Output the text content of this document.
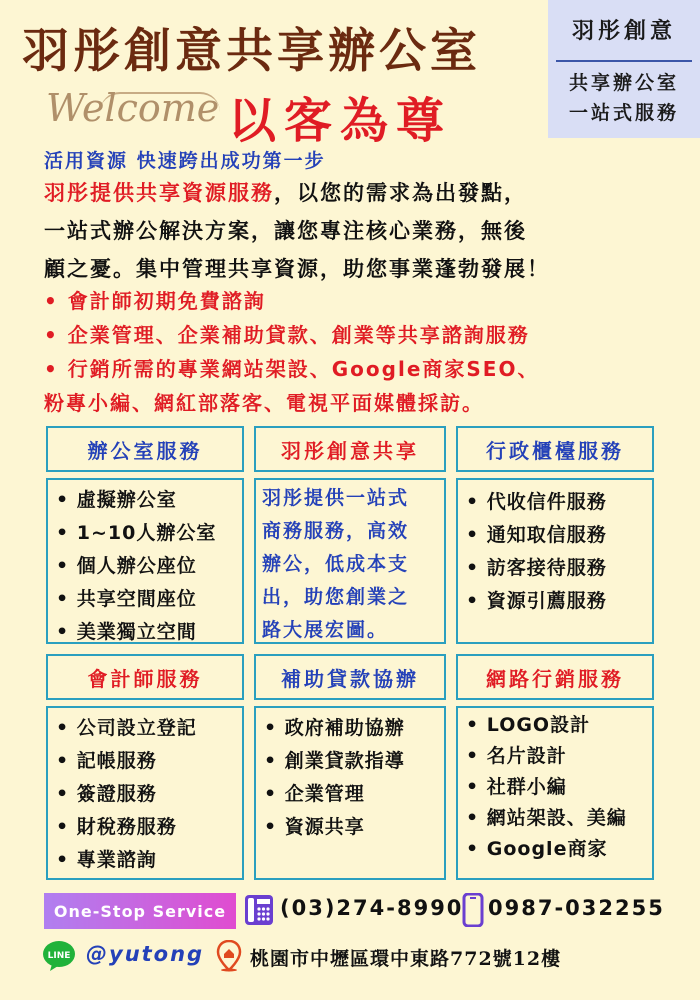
羽彤創意共享辦公室	羽彤創意
共享辦公室
一站式服務
Welcome 以客為尊
活用資源 快速跨出成功第一步
羽彤提供共享資源服務，以您的需求為出發點，
一站式辦公解決方案，讓您專注核心業務，無後
顧之憂。集中管理共享資源，助您事業蓬勃發展！
• 會計師初期免費諮詢
• 企業管理、企業補助貸款、創業等共享諮詢服務
• 行銷所需的專業網站架設、Google商家SEO、
粉專小編、網紅部落客、電視平面媒體採訪。
辦公室服務	羽彤創意共享	行政櫃檯服務
• 虛擬辦公室
• 1~10人辦公室
• 個人辦公座位
• 共享空間座位
• 美業獨立空間
羽彤提供一站式
商務服務，高效
辦公，低成本支
出，助您創業之
路大展宏圖。
• 代收信件服務
• 通知取信服務
• 訪客接待服務
• 資源引薦服務
會計師服務	補助貸款協辦	網路行銷服務
• 公司設立登記
• 記帳服務
• 簽證服務
• 財稅務服務
• 專業諮詢
• 政府補助協辦
• 創業貸款指導
• 企業管理
• 資源共享
• LOGO設計
• 名片設計
• 社群小編
• 網站架設、美編
• Google商家
One-Stop Service	(03)274-8990 0987-032255
LINE @yutong 桃園市中壢區環中東路772號12樓
